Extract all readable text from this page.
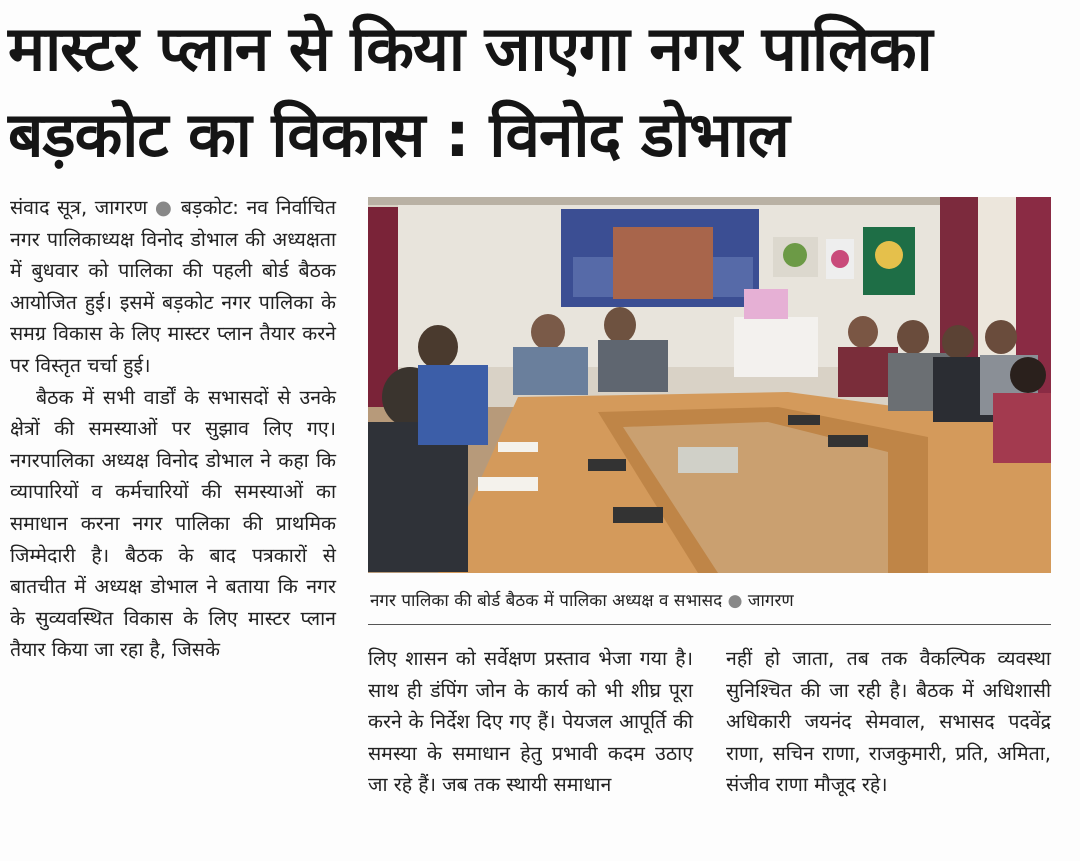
मास्टर प्लान से किया जाएगा नगर पालिका
बड़कोट का विकास : विनोद डोभाल

संवाद सूत्र, जागरण ● बड़कोट: नव निर्वाचित नगर पालिकाध्यक्ष विनोद डोभाल की अध्यक्षता में बुधवार को पालिका की पहली बोर्ड बैठक आयोजित हुई। इसमें बड़कोट नगर पालिका के समग्र विकास के लिए मास्टर प्लान तैयार करने पर विस्तृत चर्चा हुई।

बैठक में सभी वार्डों के सभासदों से उनके क्षेत्रों की समस्याओं पर सुझाव लिए गए। नगरपालिका अध्यक्ष विनोद डोभाल ने कहा कि व्यापारियों व कर्मचारियों की समस्याओं का समाधान करना नगर पालिका की प्राथमिक जिम्मेदारी है। बैठक के बाद पत्रकारों से बातचीत में अध्यक्ष डोभाल ने बताया कि नगर के सुव्यवस्थित विकास के लिए मास्टर प्लान तैयार किया जा रहा है, जिसके

नगर पालिका की बोर्ड बैठक में पालिका अध्यक्ष व सभासद ● जागरण

लिए शासन को सर्वेक्षण प्रस्ताव भेजा गया है। साथ ही डंपिंग जोन के कार्य को भी शीघ्र पूरा करने के निर्देश दिए गए हैं। पेयजल आपूर्ति की समस्या के समाधान हेतु प्रभावी कदम उठाए जा रहे हैं। जब तक स्थायी समाधान

नहीं हो जाता, तब तक वैकल्पिक व्यवस्था सुनिश्चित की जा रही है। बैठक में अधिशासी अधिकारी जयनंद सेमवाल, सभासद पदवेंद्र राणा, सचिन राणा, राजकुमारी, प्रति, अमिता, संजीव राणा मौजूद रहे।
